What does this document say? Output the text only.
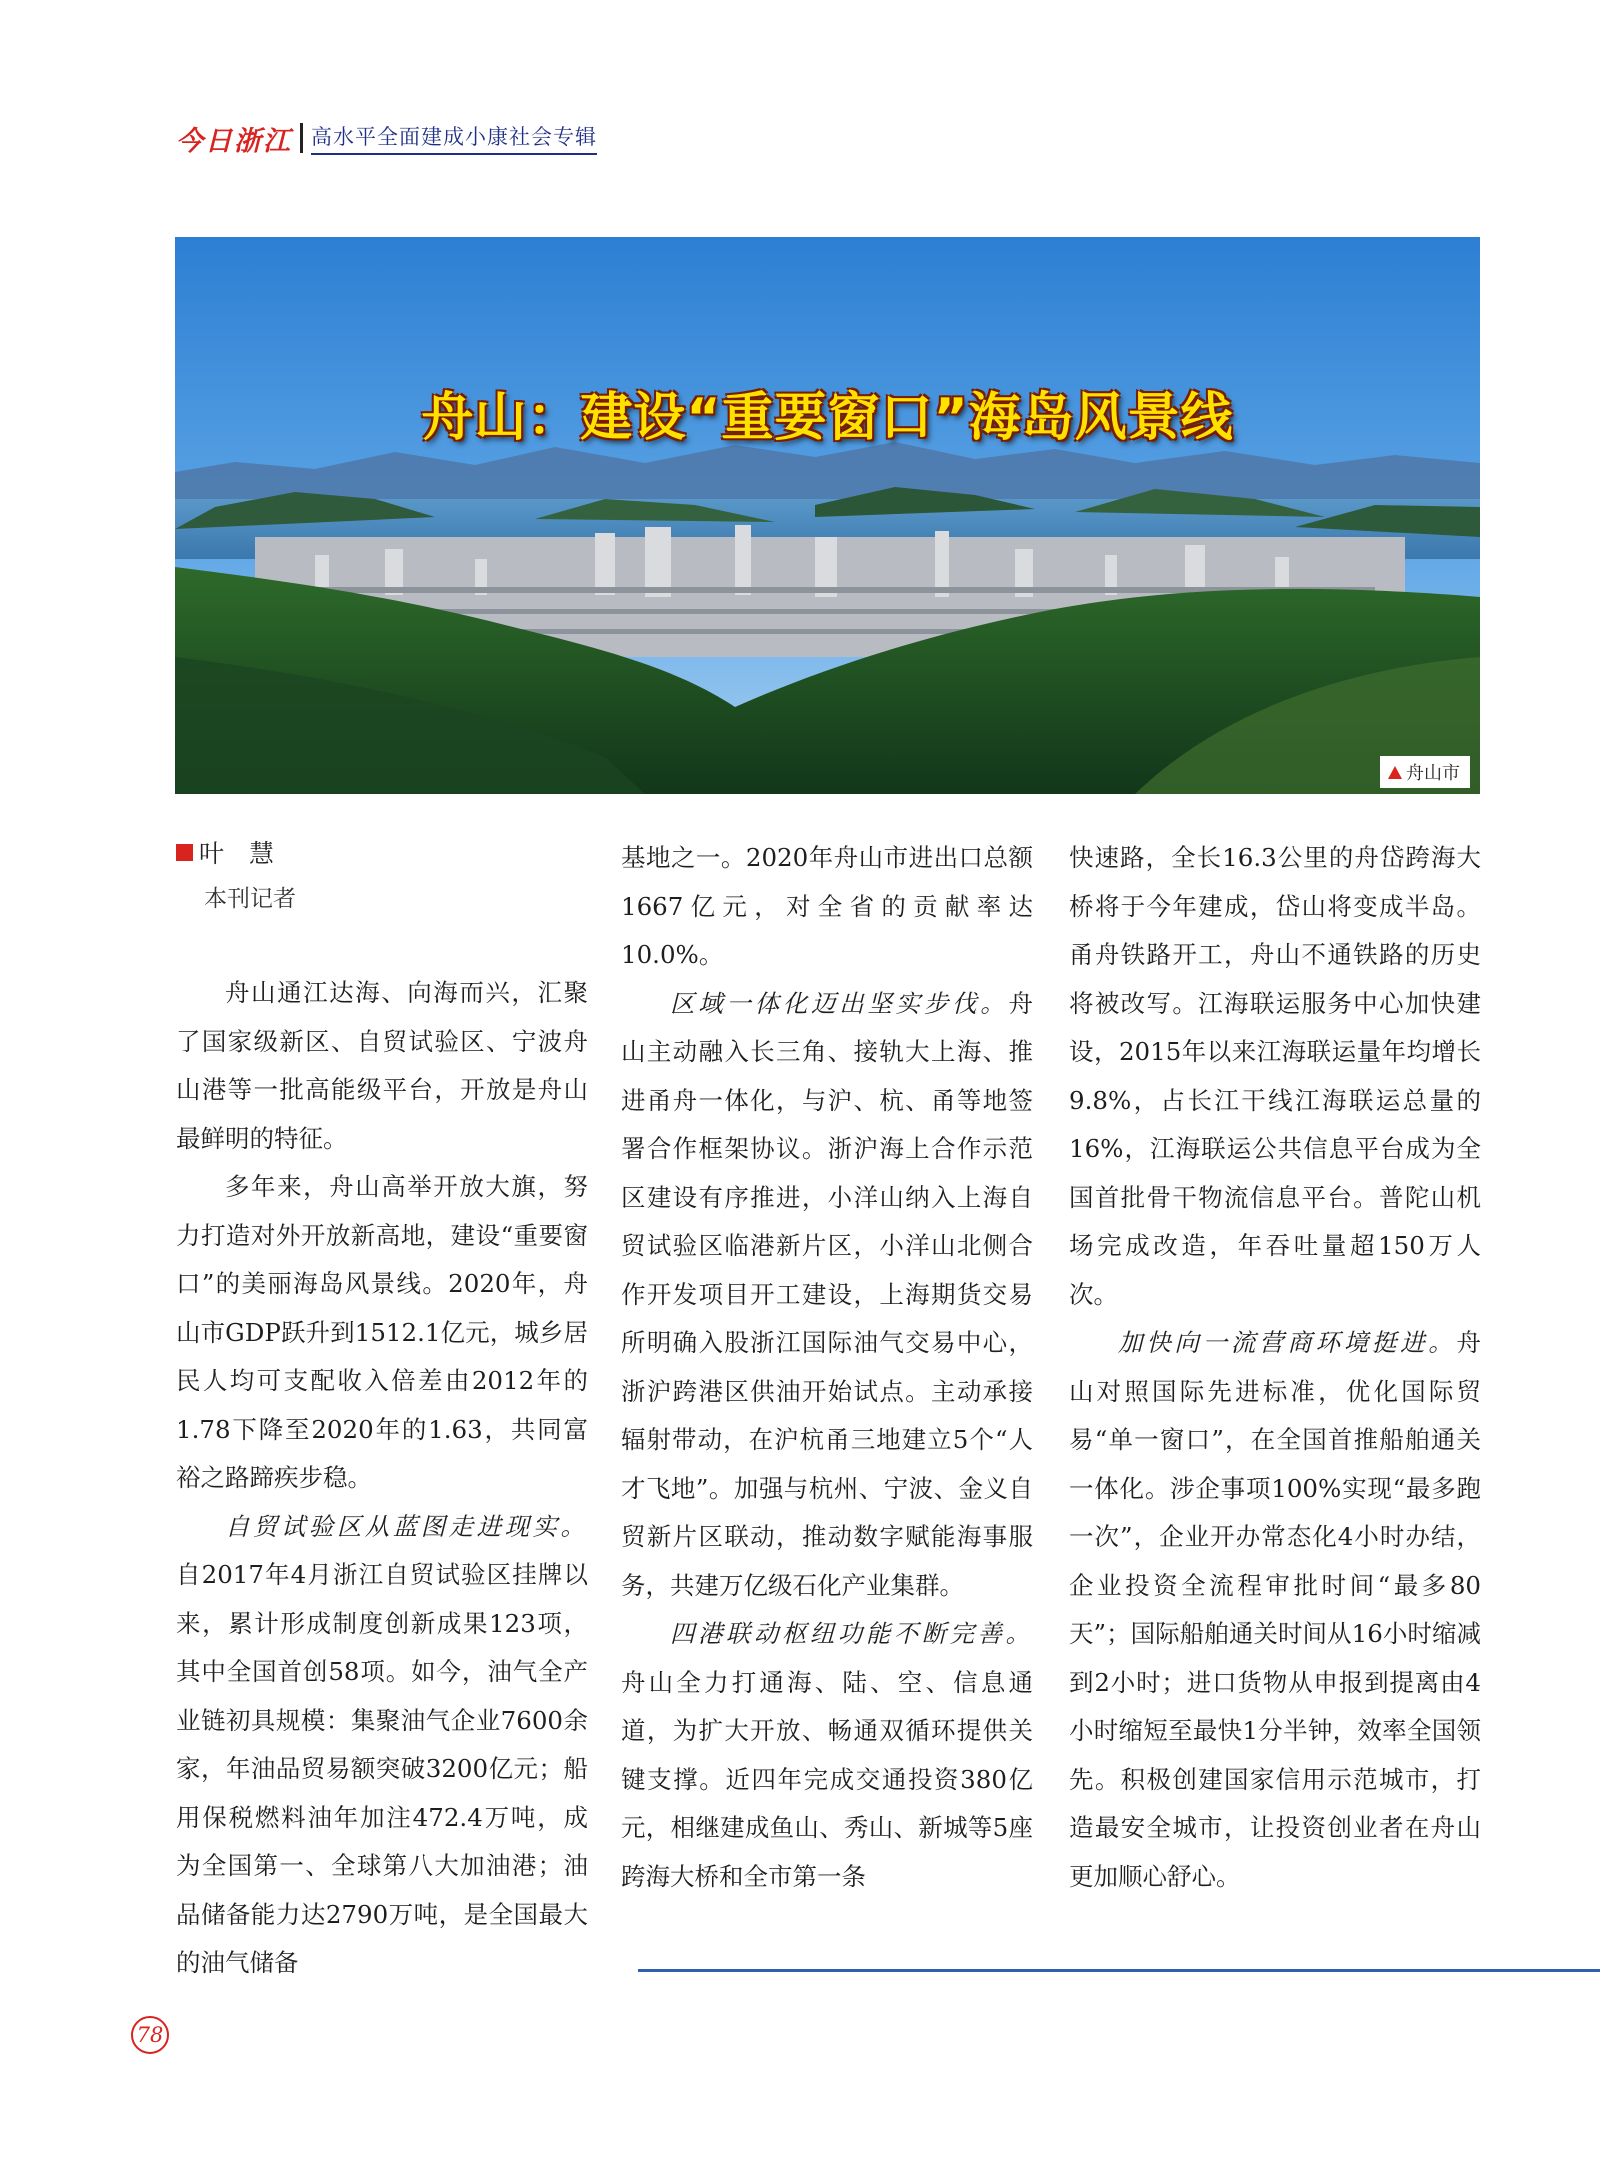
今日浙江 高水平全面建成小康社会专辑
舟山：建设“重要窗口”海岛风景线
舟山市
叶　慧
本刊记者

舟山通江达海、向海而兴，汇聚了国家级新区、自贸试验区、宁波舟山港等一批高能级平台，开放是舟山最鲜明的特征。

多年来，舟山高举开放大旗，努力打造对外开放新高地，建设“重要窗口”的美丽海岛风景线。2020年，舟山市GDP跃升到1512.1亿元，城乡居民人均可支配收入倍差由2012年的1.78下降至2020年的1.63，共同富裕之路蹄疾步稳。

自贸试验区从蓝图走进现实。自2017年4月浙江自贸试验区挂牌以来，累计形成制度创新成果123项，其中全国首创58项。如今，油气全产业链初具规模：集聚油气企业7600余家，年油品贸易额突破3200亿元；船用保税燃料油年加注472.4万吨，成为全国第一、全球第八大加油港；油品储备能力达2790万吨，是全国最大的油气储备

基地之一。2020年舟山市进出口总额1667亿元，对全省的贡献率达10.0%。

区域一体化迈出坚实步伐。舟山主动融入长三角、接轨大上海、推进甬舟一体化，与沪、杭、甬等地签署合作框架协议。浙沪海上合作示范区建设有序推进，小洋山纳入上海自贸试验区临港新片区，小洋山北侧合作开发项目开工建设，上海期货交易所明确入股浙江国际油气交易中心，浙沪跨港区供油开始试点。主动承接辐射带动，在沪杭甬三地建立5个“人才飞地”。加强与杭州、宁波、金义自贸新片区联动，推动数字赋能海事服务，共建万亿级石化产业集群。

四港联动枢纽功能不断完善。舟山全力打通海、陆、空、信息通道，为扩大开放、畅通双循环提供关键支撑。近四年完成交通投资380亿元，相继建成鱼山、秀山、新城等5座跨海大桥和全市第一条

快速路，全长16.3公里的舟岱跨海大桥将于今年建成，岱山将变成半岛。甬舟铁路开工，舟山不通铁路的历史将被改写。江海联运服务中心加快建设，2015年以来江海联运量年均增长9.8%，占长江干线江海联运总量的16%，江海联运公共信息平台成为全国首批骨干物流信息平台。普陀山机场完成改造，年吞吐量超150万人次。

加快向一流营商环境挺进。舟山对照国际先进标准，优化国际贸易“单一窗口”，在全国首推船舶通关一体化。涉企事项100%实现“最多跑一次”，企业开办常态化4小时办结，企业投资全流程审批时间“最多80天”；国际船舶通关时间从16小时缩减到2小时；进口货物从申报到提离由4小时缩短至最快1分半钟，效率全国领先。积极创建国家信用示范城市，打造最安全城市，让投资创业者在舟山更加顺心舒心。

78
